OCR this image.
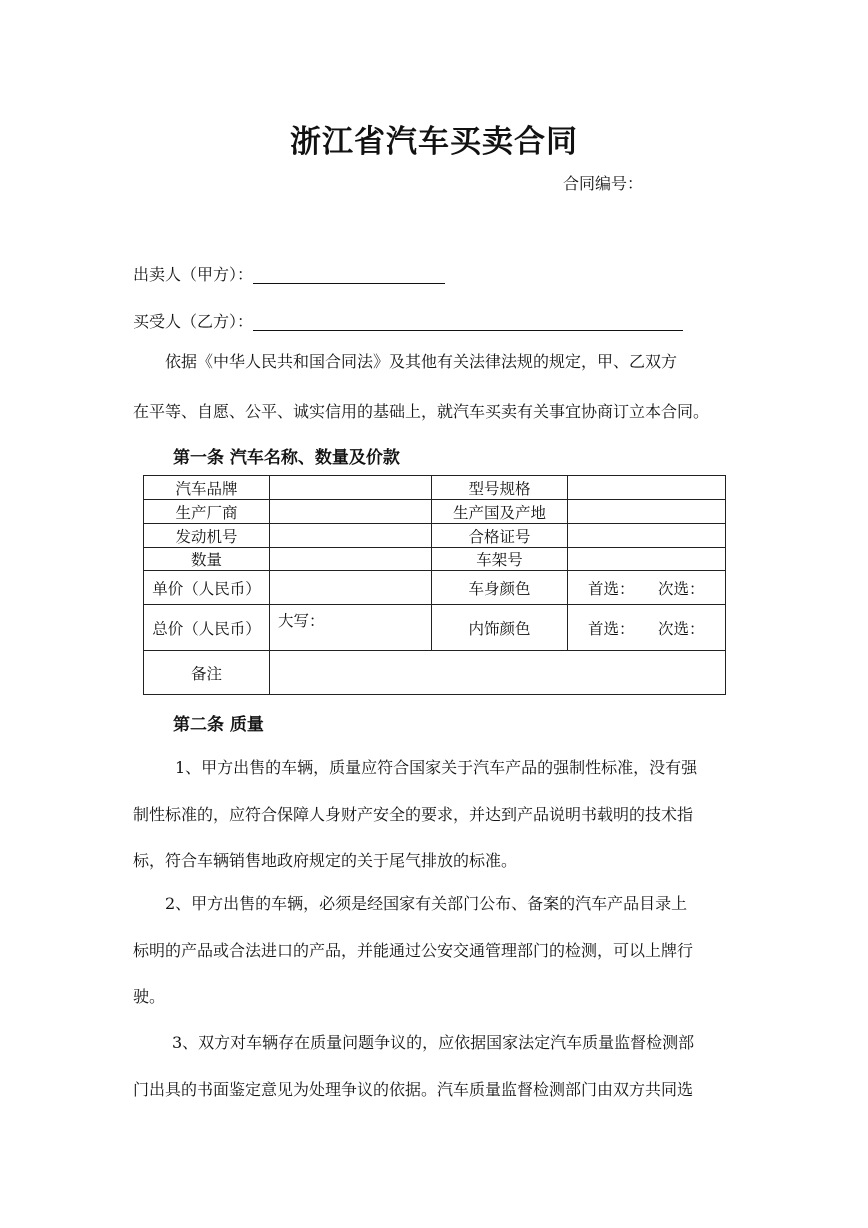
浙江省汽车买卖合同
合同编号：
出卖人（甲方）：
买受人（乙方）：
依据《中华人民共和国合同法》及其他有关法律法规的规定，甲、乙双方
在平等、自愿、公平、诚实信用的基础上，就汽车买卖有关事宜协商订立本合同。
第一条 汽车名称、数量及价款
汽车品牌		型号规格	
生产厂商		生产国及产地	
发动机号		合格证号	
数量		车架号	
单价（人民币）		车身颜色	首选： 次选：
总价（人民币）	大写：	内饰颜色	首选： 次选：
备注			
第二条 质量
1、甲方出售的车辆，质量应符合国家关于汽车产品的强制性标准，没有强
制性标准的，应符合保障人身财产安全的要求，并达到产品说明书载明的技术指
标，符合车辆销售地政府规定的关于尾气排放的标准。
2、甲方出售的车辆，必须是经国家有关部门公布、备案的汽车产品目录上
标明的产品或合法进口的产品，并能通过公安交通管理部门的检测，可以上牌行
驶。
3、双方对车辆存在质量问题争议的，应依据国家法定汽车质量监督检测部
门出具的书面鉴定意见为处理争议的依据。汽车质量监督检测部门由双方共同选
